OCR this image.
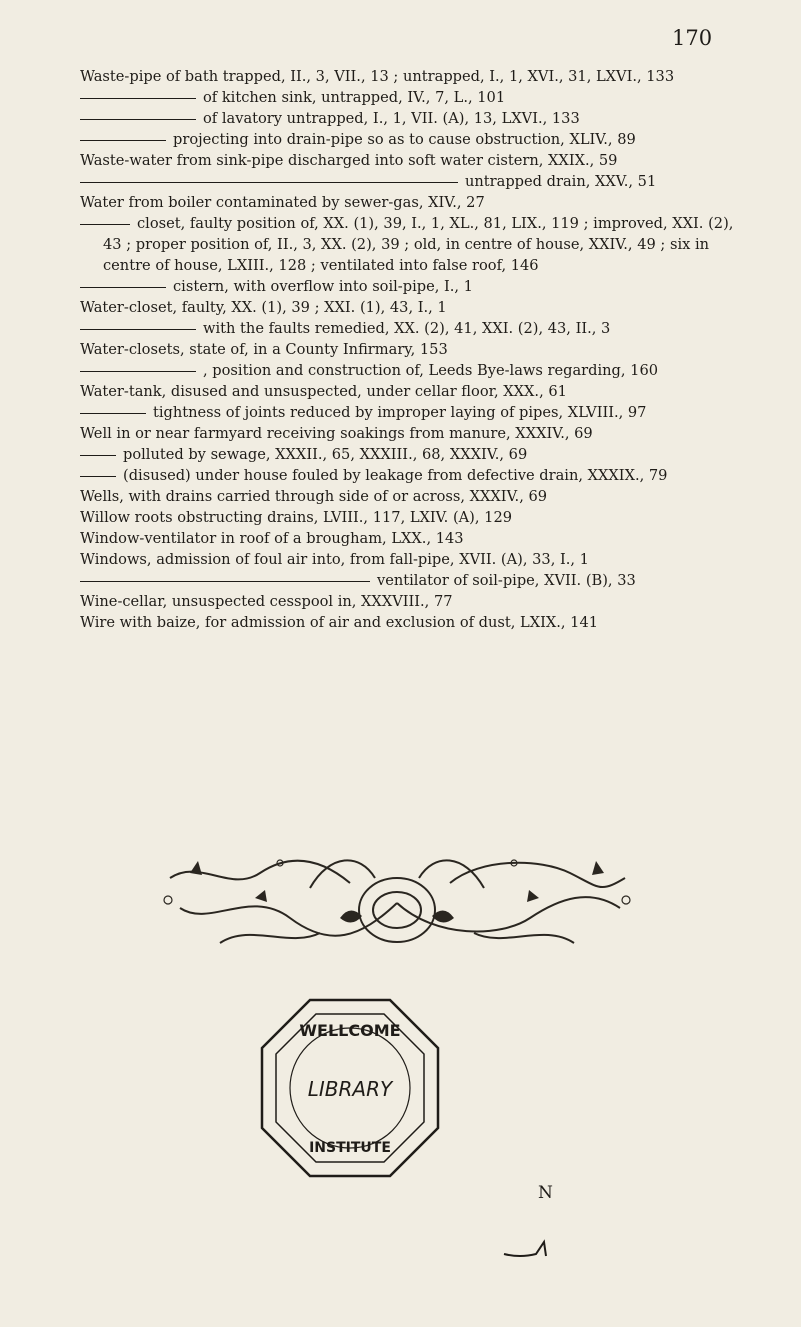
170
Waste-pipe of bath trapped, II., 3, VII., 13 ; untrapped, I., 1, XVI., 31, LXVI., 133
of kitchen sink, untrapped, IV., 7, L., 101
of lavatory untrapped, I., 1, VII. (A), 13, LXVI., 133
projecting into drain-pipe so as to cause obstruction, XLIV., 89
Waste-water from sink-pipe discharged into soft water cistern, XXIX., 59
untrapped drain, XXV., 51
Water from boiler contaminated by sewer-gas, XIV., 27
closet, faulty position of, XX. (1), 39, I., 1, XL., 81, LIX., 119 ; improved, XXI. (2), 43 ; proper position of, II., 3, XX. (2), 39 ; old, in centre of house, XXIV., 49 ; six in centre of house, LXIII., 128 ; ventilated into false roof, 146
cistern, with overflow into soil-pipe, I., 1
Water-closet, faulty, XX. (1), 39 ; XXI. (1), 43, I., 1
with the faults remedied, XX. (2), 41, XXI. (2), 43, II., 3
Water-closets, state of, in a County Infirmary, 153
, position and construction of, Leeds Bye-laws regarding, 160
Water-tank, disused and unsuspected, under cellar floor, XXX., 61
tightness of joints reduced by improper laying of pipes, XLVIII., 97
Well in or near farmyard receiving soakings from manure, XXXIV., 69
polluted by sewage, XXXII., 65, XXXIII., 68, XXXIV., 69
(disused) under house fouled by leakage from defective drain, XXXIX., 79
Wells, with drains carried through side of or across, XXXIV., 69
Willow roots obstructing drains, LVIII., 117, LXIV. (A), 129
Window-ventilator in roof of a brougham, LXX., 143
Windows, admission of foul air into, from fall-pipe, XVII. (A), 33, I., 1
ventilator of soil-pipe, XVII. (B), 33
Wine-cellar, unsuspected cesspool in, XXXVIII., 77
Wire with baize, for admission of air and exclusion of dust, LXIX., 141
WELLCOME
LIBRARY
INSTITUTE
N
